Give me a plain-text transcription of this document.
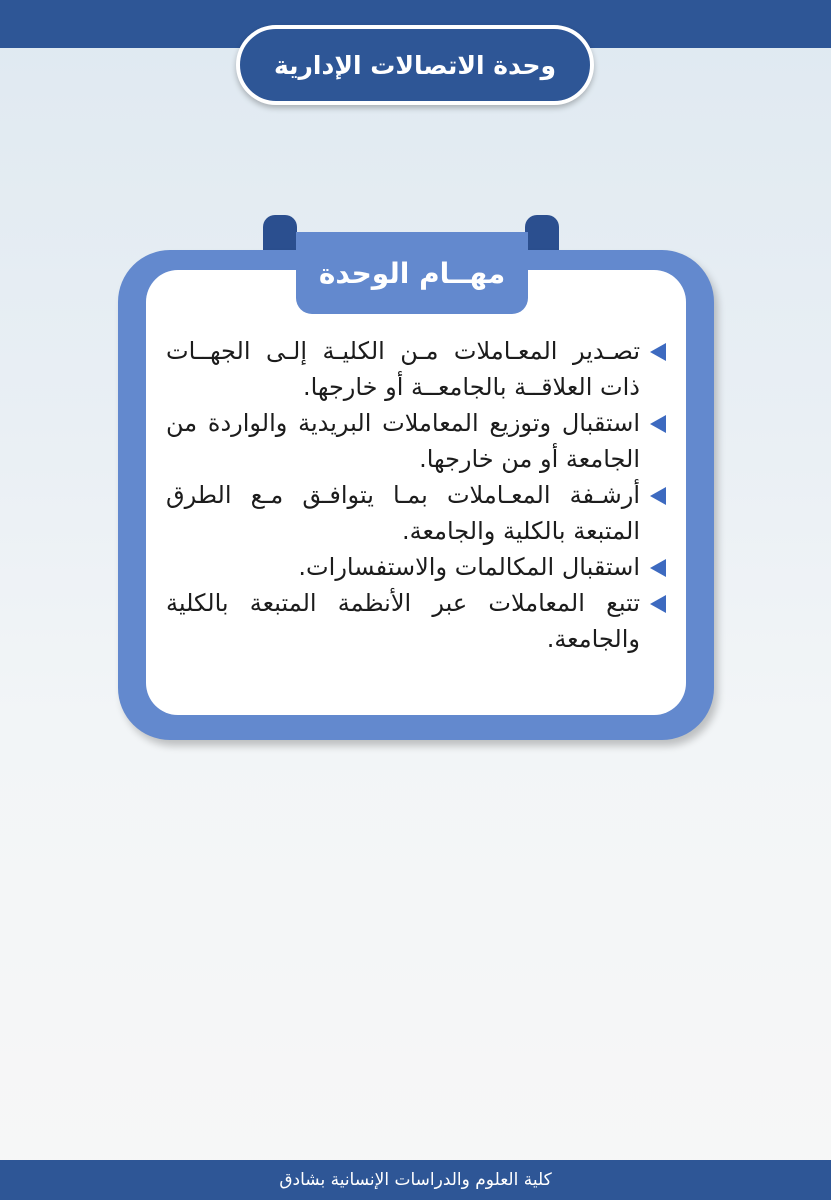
وحدة الاتصالات الإدارية
مهــام الوحدة
تصـدير المعـاملات مـن الكليـة إلـى الجهــات ذات العلاقــة بالجامعــة أو خارجها.
استقبال وتوزيع المعاملات البريدية والواردة من الجامعة أو من خارجها.
أرشـفة المعـاملات بمـا يتوافـق مـع الطرق المتبعة بالكلية والجامعة.
استقبال المكالمات والاستفسارات.
تتبع المعاملات عبر الأنظمة المتبعة بالكلية والجامعة.
كلية العلوم والدراسات الإنسانية بشادق
